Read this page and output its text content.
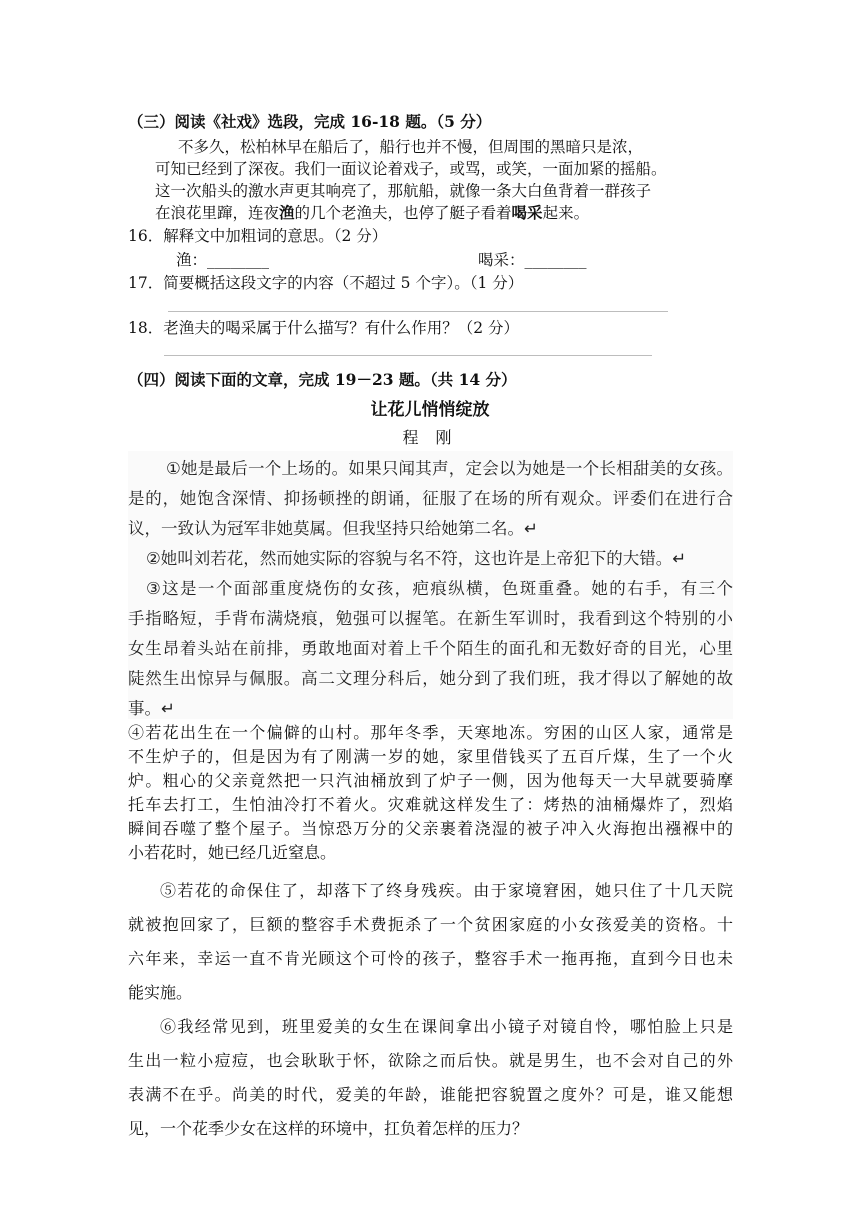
（三）阅读《社戏》选段，完成 16-18 题。（5 分）
不多久，松柏林早在船后了，船行也并不慢，但周围的黑暗只是浓，
可知已经到了深夜。我们一面议论着戏子，或骂，或笑，一面加紧的摇船。
这一次船头的激水声更其响亮了，那航船，就像一条大白鱼背着一群孩子
在浪花里蹿，连夜渔的几个老渔夫，也停了艇子看着喝采起来。
16．解释文中加粗词的意思。（2 分）
渔：________	喝采：________
17．简要概括这段文字的内容（不超过 5 个字）。（1 分）
18．老渔夫的喝采属于什么描写？有什么作用？（2 分）
（四）阅读下面的文章，完成 19－23 题。（共 14 分）
让花儿悄悄绽放
程 刚
①她是最后一个上场的。如果只闻其声，定会以为她是一个长相甜美的女孩。
是的，她饱含深情、抑扬顿挫的朗诵，征服了在场的所有观众。评委们在进行合
议，一致认为冠军非她莫属。但我坚持只给她第二名。↵
②她叫刘若花，然而她实际的容貌与名不符，这也许是上帝犯下的大错。↵
③这是一个面部重度烧伤的女孩，疤痕纵横，色斑重叠。她的右手，有三个
手指略短，手背布满烧痕，勉强可以握笔。在新生军训时，我看到这个特别的小
女生昂着头站在前排，勇敢地面对着上千个陌生的面孔和无数好奇的目光，心里
陡然生出惊异与佩服。高二文理分科后，她分到了我们班，我才得以了解她的故
事。↵
④若花出生在一个偏僻的山村。那年冬季，天寒地冻。穷困的山区人家，通常是
不生炉子的，但是因为有了刚满一岁的她，家里借钱买了五百斤煤，生了一个火
炉。粗心的父亲竟然把一只汽油桶放到了炉子一侧，因为他每天一大早就要骑摩
托车去打工，生怕油冷打不着火。灾难就这样发生了：烤热的油桶爆炸了，烈焰
瞬间吞噬了整个屋子。当惊恐万分的父亲裹着浇湿的被子冲入火海抱出襁褓中的
小若花时，她已经几近窒息。
⑤若花的命保住了，却落下了终身残疾。由于家境窘困，她只住了十几天院
就被抱回家了，巨额的整容手术费扼杀了一个贫困家庭的小女孩爱美的资格。十
六年来，幸运一直不肯光顾这个可怜的孩子，整容手术一拖再拖，直到今日也未
能实施。
⑥我经常见到，班里爱美的女生在课间拿出小镜子对镜自怜，哪怕脸上只是
生出一粒小痘痘，也会耿耿于怀，欲除之而后快。就是男生，也不会对自己的外
表满不在乎。尚美的时代，爱美的年龄，谁能把容貌置之度外？可是，谁又能想
见，一个花季少女在这样的环境中，扛负着怎样的压力？
